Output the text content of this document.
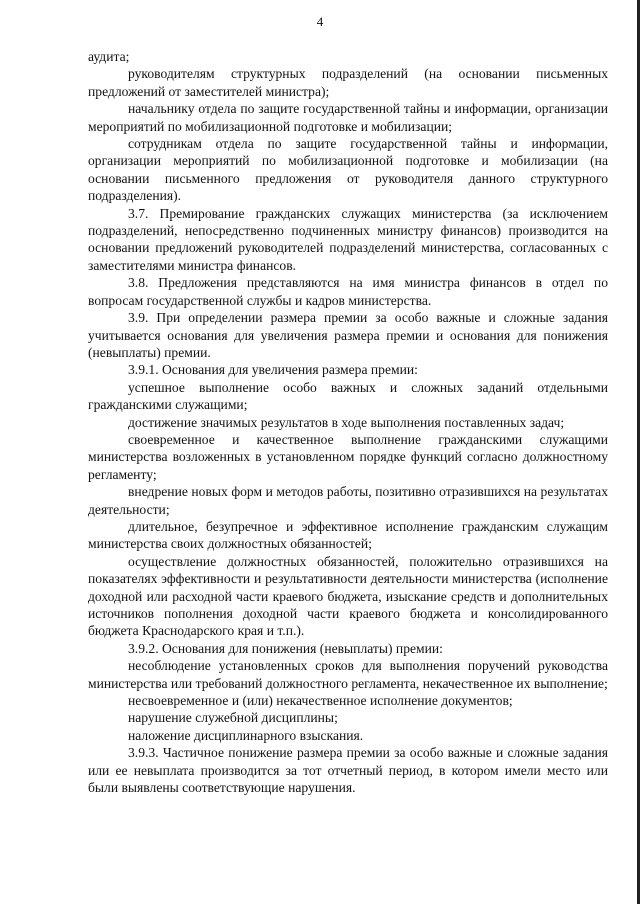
4

аудита;

руководителям структурных подразделений (на основании письменных предложений от заместителей министра);

начальнику отдела по защите государственной тайны и информации, организации мероприятий по мобилизационной подготовке и мобилизации;

сотрудникам отдела по защите государственной тайны и информации, организации мероприятий по мобилизационной подготовке и мобилизации (на основании письменного предложения от руководителя данного структурного подразделения).

3.7. Премирование гражданских служащих министерства (за исключением подразделений, непосредственно подчиненных министру финансов) производится на основании предложений руководителей подразделений министерства, согласованных с заместителями министра финансов.

3.8. Предложения представляются на имя министра финансов в отдел по вопросам государственной службы и кадров министерства.

3.9. При определении размера премии за особо важные и сложные задания учитывается основания для увеличения размера премии и основания для понижения (невыплаты) премии.

3.9.1. Основания для увеличения размера премии:

успешное выполнение особо важных и сложных заданий отдельными гражданскими служащими;

достижение значимых результатов в ходе выполнения поставленных задач;

своевременное и качественное выполнение гражданскими служащими министерства возложенных в установленном порядке функций согласно должностному регламенту;

внедрение новых форм и методов работы, позитивно отразившихся на результатах деятельности;

длительное, безупречное и эффективное исполнение гражданским служащим министерства своих должностных обязанностей;

осуществление должностных обязанностей, положительно отразившихся на показателях эффективности и результативности деятельности министерства (исполнение доходной или расходной части краевого бюджета, изыскание средств и дополнительных источников пополнения доходной части краевого бюджета и консолидированного бюджета Краснодарского края и т.п.).

3.9.2. Основания для понижения (невыплаты) премии:

несоблюдение установленных сроков для выполнения поручений руководства министерства или требований должностного регламента, некачественное их выполнение;

несвоевременное и (или) некачественное исполнение документов;

нарушение служебной дисциплины;

наложение дисциплинарного взыскания.

3.9.3. Частичное понижение размера премии за особо важные и сложные задания или ее невыплата производится за тот отчетный период, в котором имели место или были выявлены соответствующие нарушения.
